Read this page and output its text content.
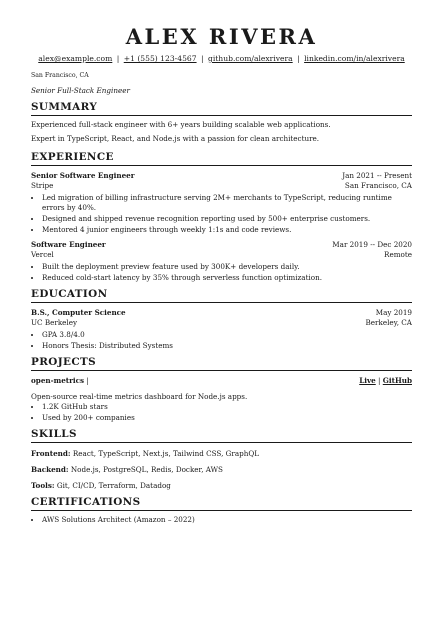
ALEX RIVERA
alex@example.com | +1 (555) 123-4567 | github.com/alexrivera | linkedin.com/in/alexrivera
San Francisco, CA
Senior Full-Stack Engineer
SUMMARY
Experienced full-stack engineer with 6+ years building scalable web applications.
Expert in TypeScript, React, and Node.js with a passion for clean architecture.
EXPERIENCE
Senior Software Engineer	Jan 2021 -- Present
Stripe	San Francisco, CA
• Led migration of billing infrastructure serving 2M+ merchants to TypeScript, reducing runtime errors by 40%.
• Designed and shipped revenue recognition reporting used by 500+ enterprise customers.
• Mentored 4 junior engineers through weekly 1:1s and code reviews.
Software Engineer	Mar 2019 -- Dec 2020
Vercel	Remote
• Built the deployment preview feature used by 300K+ developers daily.
• Reduced cold-start latency by 35% through serverless function optimization.
EDUCATION
B.S., Computer Science	May 2019
UC Berkeley	Berkeley, CA
• GPA 3.8/4.0
• Honors Thesis: Distributed Systems
PROJECTS
open-metrics |	Live | GitHub
Open-source real-time metrics dashboard for Node.js apps.
• 1.2K GitHub stars
• Used by 200+ companies
SKILLS
Frontend: React, TypeScript, Next.js, Tailwind CSS, GraphQL
Backend: Node.js, PostgreSQL, Redis, Docker, AWS
Tools: Git, CI/CD, Terraform, Datadog
CERTIFICATIONS
• AWS Solutions Architect (Amazon – 2022)
